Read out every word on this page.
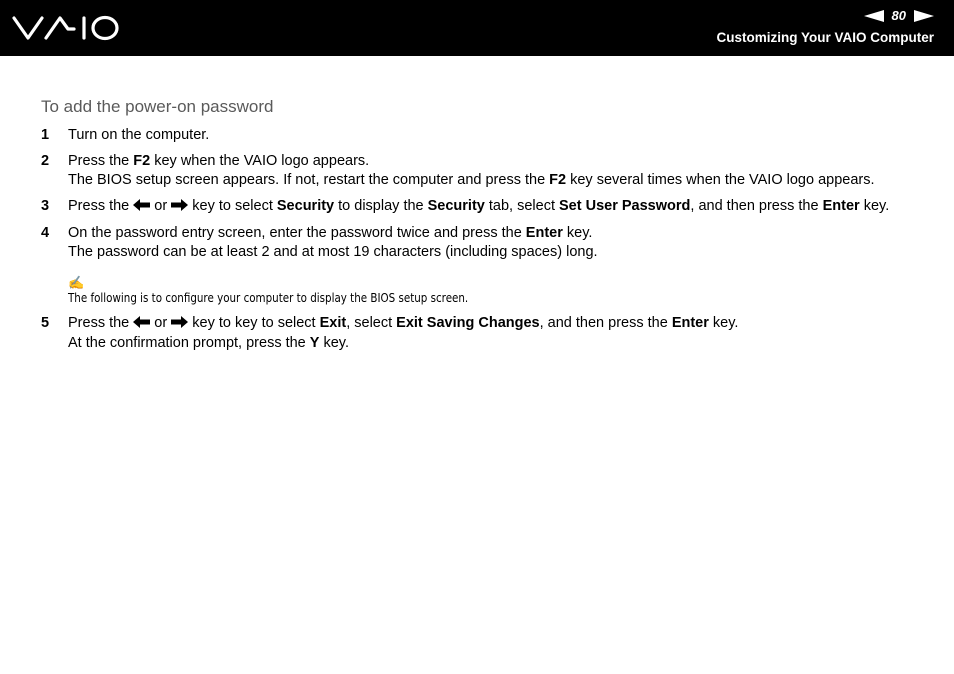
80
Customizing Your VAIO Computer
To add the power-on password
1	Turn on the computer.

2	Press the F2 key when the VAIO logo appears.

The BIOS setup screen appears. If not, restart the computer and press the F2 key several times when the VAIO logo appears.

3	Press the  or  key to select Security to display the Security tab, select Set User Password, and then press the Enter key.

4	On the password entry screen, enter the password twice and press the Enter key.

The password can be at least 2 and at most 19 characters (including spaces) long.

✍
The following is to configure your computer to display the BIOS setup screen.
5	Press the  or  key to key to select Exit, select Exit Saving Changes, and then press the Enter key.

At the confirmation prompt, press the Y key.
